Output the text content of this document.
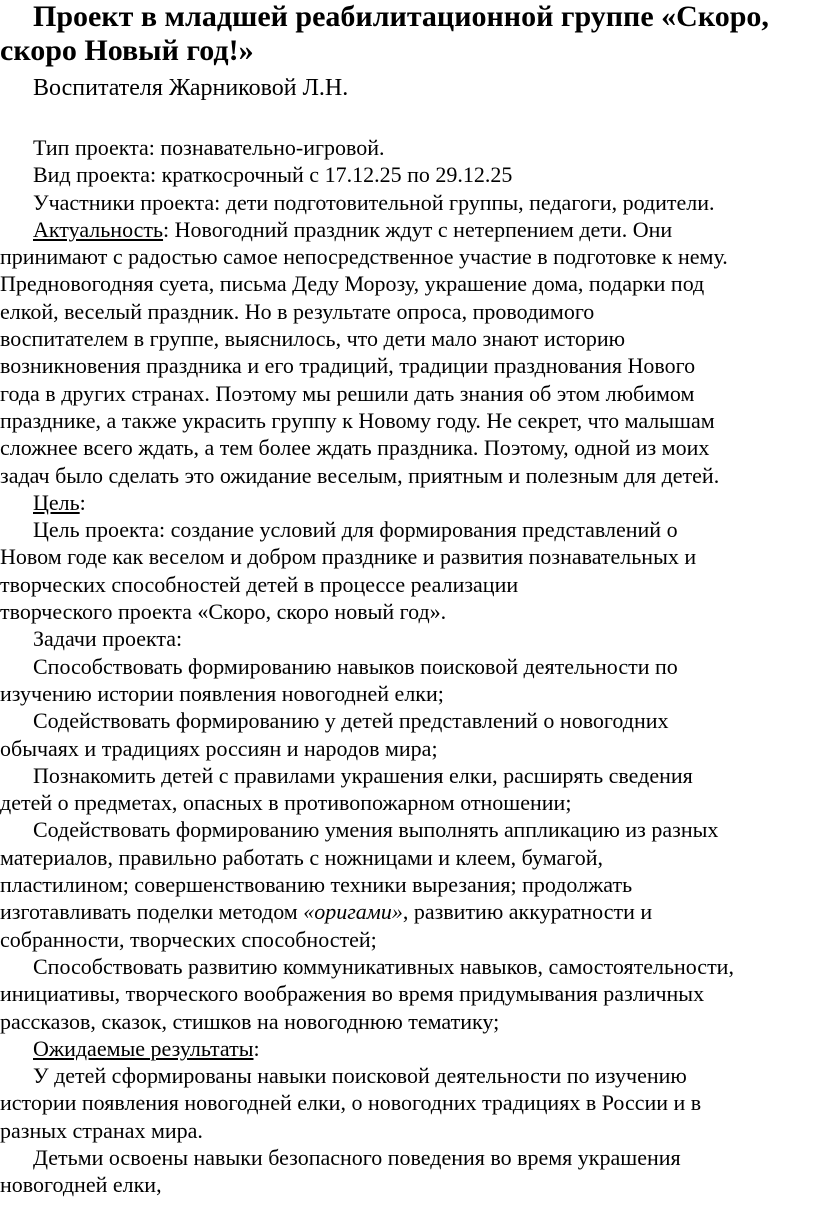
Проект в младшей реабилитационной группе «Скоро,
скоро Новый год!»

Воспитателя Жарниковой Л.Н.

Тип проекта: познавательно-игровой.
Вид проекта: краткосрочный с 17.12.25 по 29.12.25
Участники проекта: дети подготовительной группы, педагоги, родители.

Актуальность: Новогодний праздник ждут с нетерпением дети. Они
принимают с радостью самое непосредственное участие в подготовке к нему.
Предновогодняя суета, письма Деду Морозу, украшение дома, подарки под
елкой, веселый праздник. Но в результате опроса, проводимого
воспитателем в группе, выяснилось, что дети мало знают историю
возникновения праздника и его традиций, традиции празднования Нового
года в других странах. Поэтому мы решили дать знания об этом любимом
празднике, а также украсить группу к Новому году. Не секрет, что малышам
сложнее всего ждать, а тем более ждать праздника. Поэтому, одной из моих
задач было сделать это ожидание веселым, приятным и полезным для детей.

Цель:

Цель проекта: создание условий для формирования представлений о
Новом годе как веселом и добром празднике и развития познавательных и
творческих способностей детей в процессе реализации
творческого проекта «Скоро, скоро новый год».

Задачи проекта:

Способствовать формированию навыков поисковой деятельности по
изучению истории появления новогодней елки;

Содействовать формированию у детей представлений о новогодних
обычаях и традициях россиян и народов мира;

Познакомить детей с правилами украшения елки, расширять сведения
детей о предметах, опасных в противопожарном отношении;

Содействовать формированию умения выполнять аппликацию из разных
материалов, правильно работать с ножницами и клеем, бумагой,
пластилином; совершенствованию техники вырезания; продолжать
изготавливать поделки методом «оригами», развитию аккуратности и
собранности, творческих способностей;

Способствовать развитию коммуникативных навыков, самостоятельности,
инициативы, творческого воображения во время придумывания различных
рассказов, сказок, стишков на новогоднюю тематику;

Ожидаемые результаты:

У детей сформированы навыки поисковой деятельности по изучению
истории появления новогодней елки, о новогодних традициях в России и в
разных странах мира.

Детьми освоены навыки безопасного поведения во время украшения
новогодней елки,
